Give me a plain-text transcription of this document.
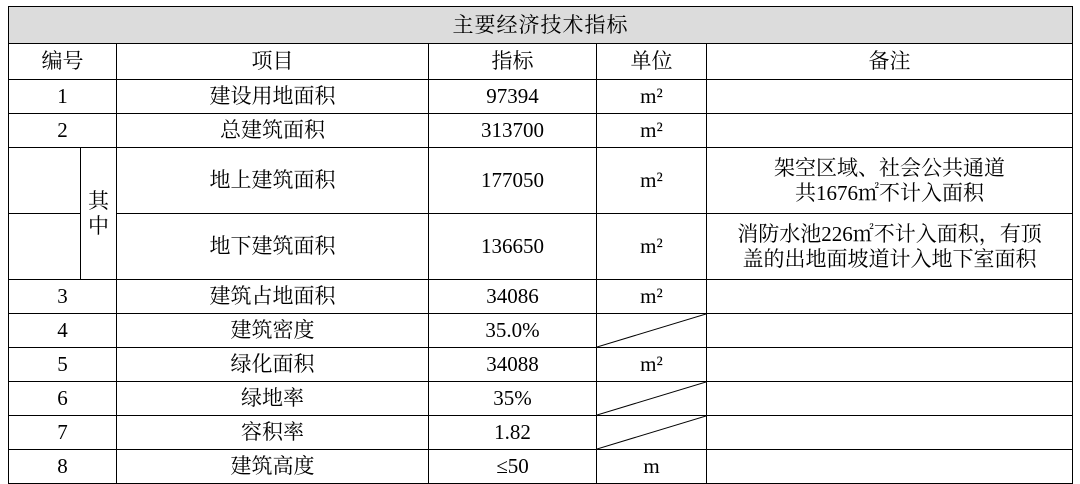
主要经济技术指标					
编号		项目	指标	单位	备注
1		建设用地面积	97394	m²	
2		总建筑面积	313700	m²	
	其中	地上建筑面积	177050	m²	架空区域、社会公共通道
共1676㎡不计入面积

		地下建筑面积	136650	m²	消防水池226㎡不计入面积，有顶
盖的出地面坡道计入地下室面积

3		建筑占地面积	34086	m²	
4		建筑密度	35.0%	

5		绿化面积	34088	m²	
6		绿地率	35%	

7		容积率	1.82	

8		建筑高度	≤50	m	
